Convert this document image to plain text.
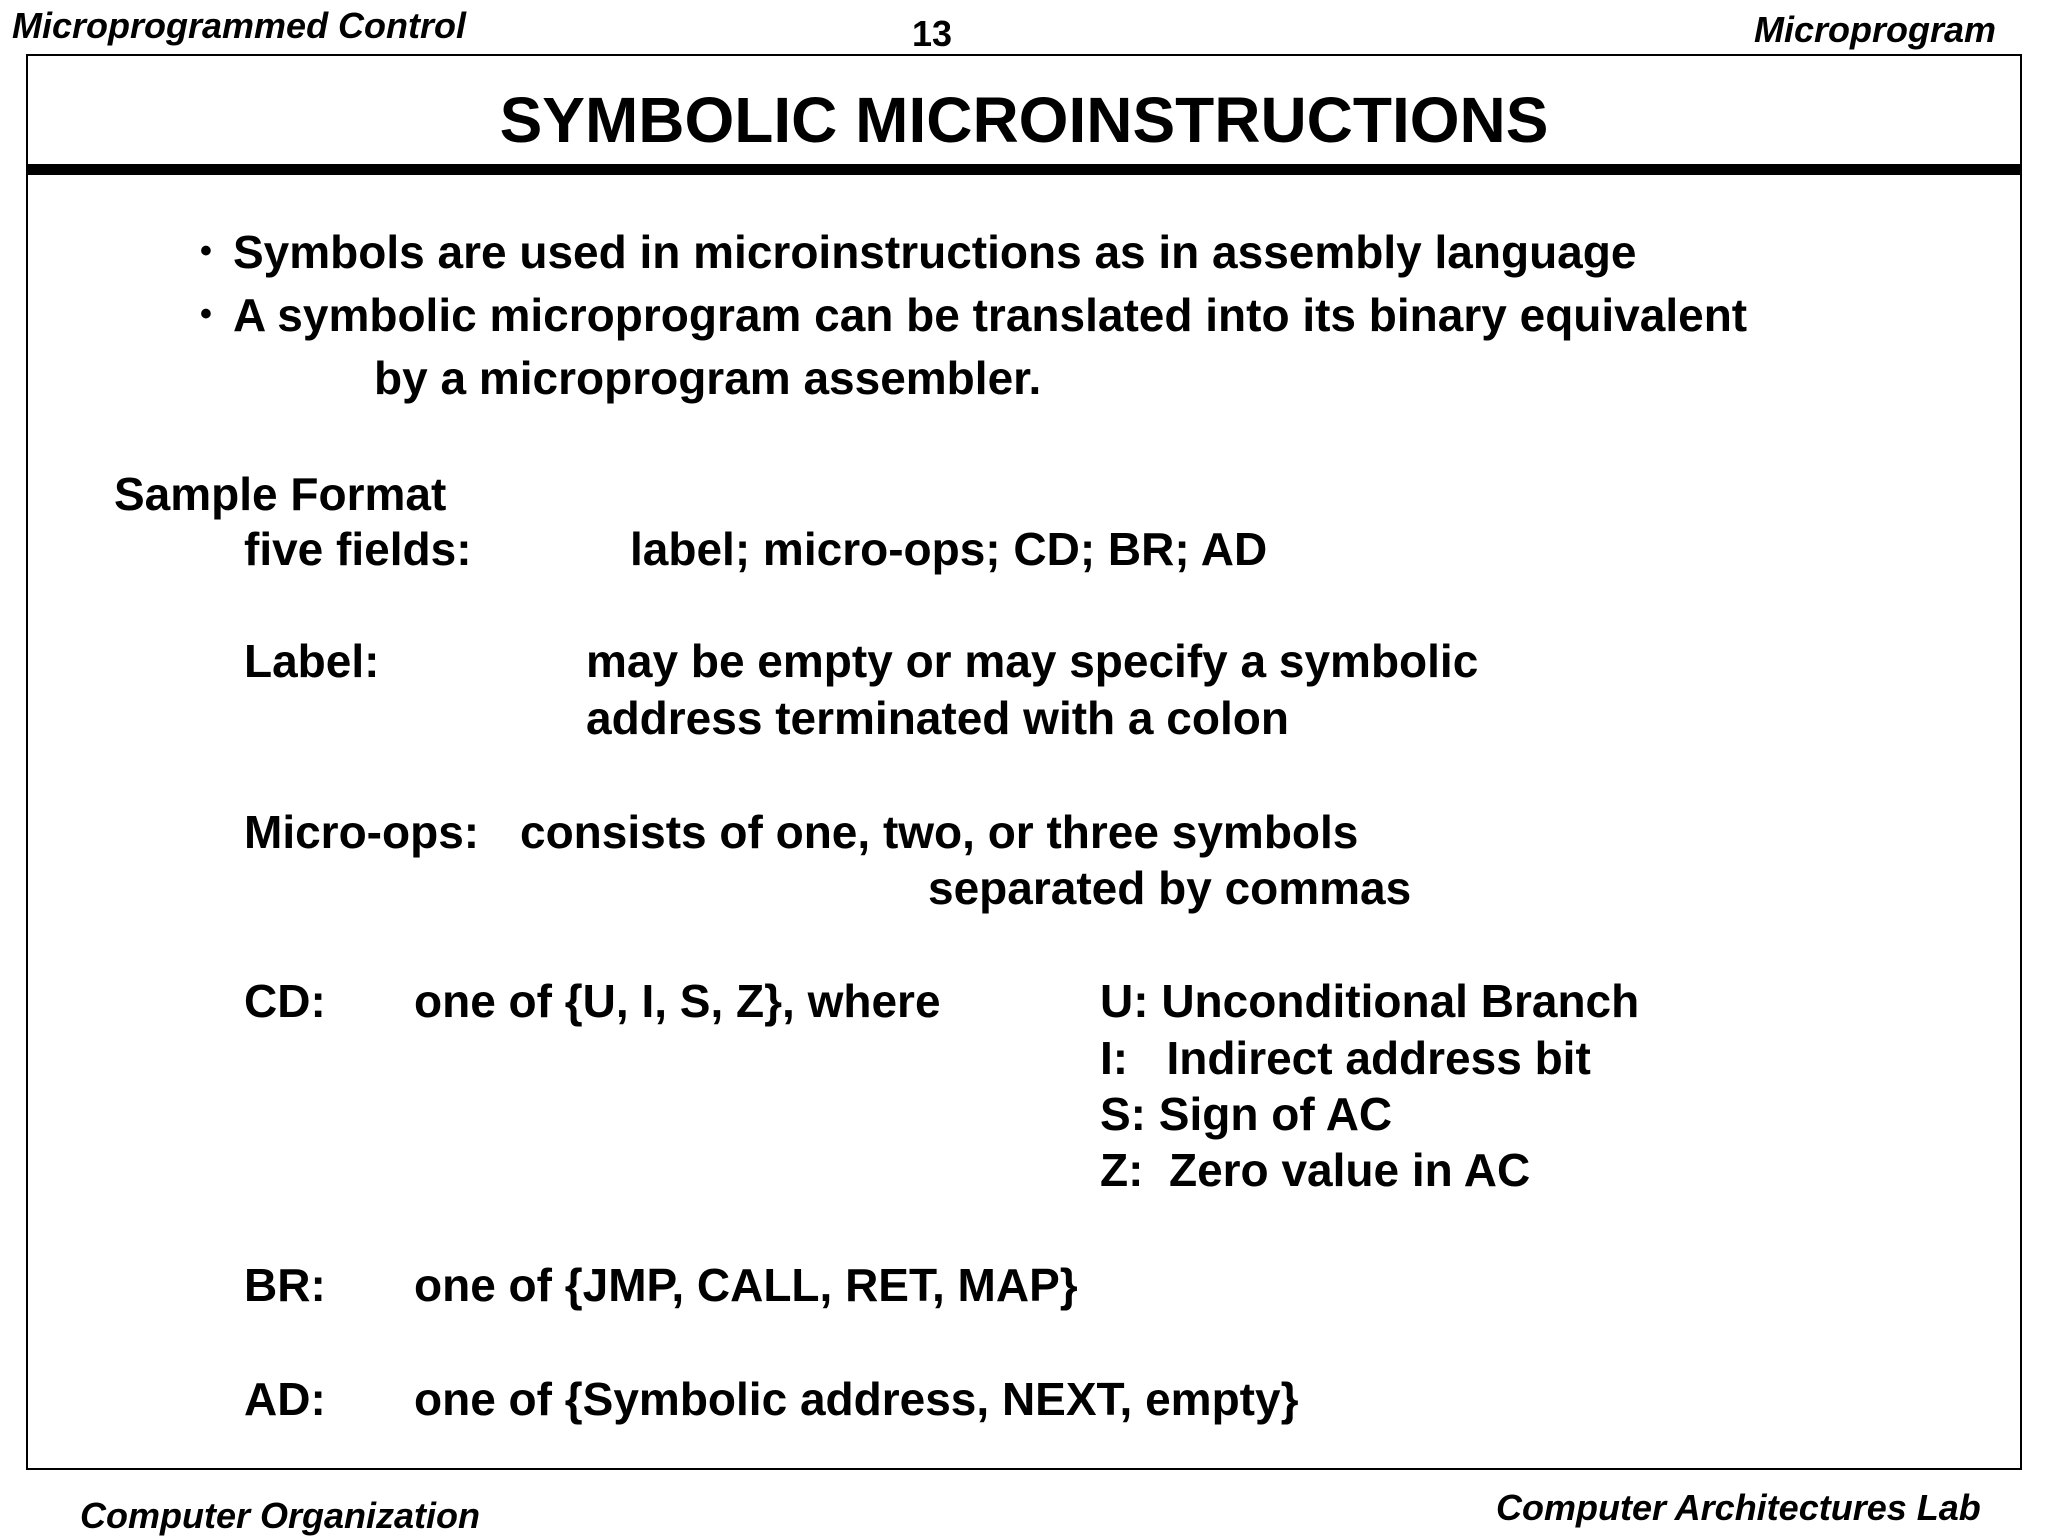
Microprogrammed Control	13	Microprogram
SYMBOLIC MICROINSTRUCTIONS
• Symbols are used in microinstructions as in assembly language
• A symbolic microprogram can be translated into its binary equivalent
by a microprogram assembler.
Sample Format
five fields:	label; micro-ops; CD; BR; AD
Label:	may be empty or may specify a symbolic
address terminated with a colon
Micro-ops: consists of one, two, or three symbols
separated by commas
CD: one of {U, I, S, Z}, where	U: Unconditional Branch
I:   Indirect address bit
S: Sign of AC
Z:  Zero value in AC
BR: one of {JMP, CALL, RET, MAP}
AD: one of {Symbolic address, NEXT, empty}
Computer Organization	Computer Architectures Lab
